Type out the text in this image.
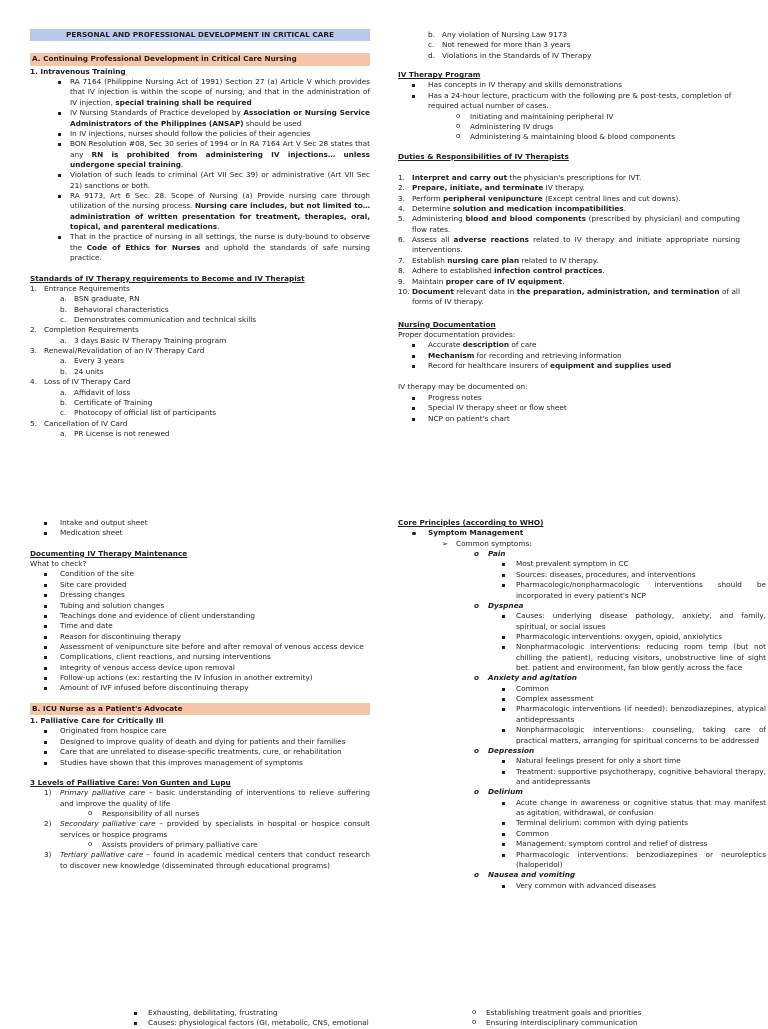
PERSONAL AND PROFESSIONAL DEVELOPMENT IN CRITICAL CARE

A. Continuing Professional Development in Critical Care Nursing

1. Intravenous Training

RA 7164 (Philippine Nursing Act of 1991) Section 27 (a) Article V which provides that IV injection is within the scope of nursing; and that in the administration of IV injection, special training shall be required
IV Nursing Standards of Practice developed by Association or Nursing Service Administrators of the Philippines (ANSAP) should be used
In IV injections, nurses should follow the policies of their agencies
BON Resolution #08, Sec 30 series of 1994 or in RA 7164 Art V Sec 28 states that any RN is prohibited from administering IV injections… unless undergone special training.
Violation of such leads to criminal (Art VII Sec 39) or administrative (Art VII Sec 21) sanctions or both.
RA 9173, Art 6 Sec. 28. Scope of Nursing (a) Provide nursing care through utilization of the nursing process. Nursing care includes, but not limited to… administration of written presentation for treatment, therapies, oral, topical, and parenteral medications.
That in the practice of nursing in all settings, the nurse is duty-bound to observe the Code of Ethics for Nurses and uphold the standards of safe nursing practice.

Standards of IV Therapy requirements to Become and IV Therapist

1. Entrance Requirements
a. BSN graduate, RN
b. Behavioral characteristics
c.	Demonstrates communication and technical skills
2. Completion Requirements
a. 3 days Basic IV Therapy Training program
3. Renewal/Revalidation of an IV Therapy Card
a. Every 3 years
b. 24 units
4. Loss of IV Therapy Card
a. Affidavit of loss
b. Certificate of Training
c.	Photocopy of official list of participants
5. Cancellation of IV Card
a. PR License is not renewed
b. Any violation of Nursing Law 9173
c.	Not renewed for more than 3 years
d. Violations in the Standards of IV Therapy

IV Therapy Program

Has concepts in IV therapy and skills demonstrations
Has a 24-hour lecture, practicum with the following pre & post-tests, completion of required actual number of cases.
o	Initiating and maintaining peripheral IV
o	Administering IV drugs
o	Administering & maintaining blood & blood components

Duties & Responsibilities of IV Therapists

1. Interpret and carry out the physician's prescriptions for IVT.
2. Prepare, initiate, and terminate IV therapy.
3. Perform peripheral venipuncture (Except central lines and cut downs).
4. Determine solution and medication incompatibilities.
5. Administering blood and blood components (prescribed by physician) and computing flow rates.
6. Assess all adverse reactions related to IV therapy and initiate appropriate nursing interventions.
7. Establish nursing care plan related to IV therapy.
8. Adhere to established infection control practices.
9. Maintain proper care of IV equipment.
10. Document relevant data in the preparation, administration, and termination of all forms of IV therapy.

Nursing Documentation

Proper documentation provides:

Accurate description of care
Mechanism for recording and retrieving information
Record for healthcare insurers of equipment and supplies used

IV therapy may be documented on:

Progress notes
Special IV therapy sheet or flow sheet
NCP on patient's chart
Intake and output sheet
Medication sheet

Documenting IV Therapy Maintenance

What to check?

Condition of the site
Site care provided
Dressing changes
Tubing and solution changes
Teachings done and evidence of client understanding
Time and date
Reason for discontinuing therapy
Assessment of venipuncture site before and after removal of venous access device
Complications, client reactions, and nursing interventions
Integrity of venous access device upon removal
Follow-up actions (ex: restarting the IV infusion in another extremity)
Amount of IVF infused before discontinuing therapy

B. ICU Nurse as a Patient's Advocate

1. Palliative Care for Critically Ill

Originated from hospice care
Designed to improve quality of death and dying for patients and their families
Care that are unrelated to disease-specific treatments, cure, or rehabilitation
Studies have shown that this improves management of symptoms

3 Levels of Palliative Care: Von Gunten and Lupu

1)	Primary palliative care – basic understanding of interventions to relieve suffering and improve the quality of life
o	Responsibility of all nurses
2)	Secondary palliative care – provided by specialists in hospital or hospice consult services or hospice programs
o	Assists providers of primary palliative care
3)	Tertiary palliative care – found in academic medical centers that conduct research to discover new knowledge (disseminated through educational programs)

Core Principles (according to WHO)

Symptom Management
➢	Common symptoms:
o	Pain
Most prevalent symptom in CC
Sources: diseases, procedures, and interventions
Pharmacologic/nonpharmacologic interventions should be incorporated in every patient's NCP
o	Dyspnea
Causes: underlying disease pathology, anxiety, and family, spiritual, or social issues
Pharmacologic interventions: oxygen, opioid, anxiolytics
Nonpharmacologic interventions: reducing room temp (but not chilling the patient), reducing visitors, unobstructive line of sight bet. patient and environment, fan blow gently across the face
o	Anxiety and agitation
Common
Complex assessment
Pharmacologic interventions (if needed): benzodiazepines, atypical antidepressants
Nonpharmacologic interventions: counseling, taking care of practical matters, arranging for spiritual concerns to be addressed
o	Depression
Natural feelings present for only a short time
Treatment: supportive psychotherapy, cognitive behavioral therapy, and antidepressants
o	Delirium
Acute change in awareness or cognitive status that may manifest as agitation, withdrawal, or confusion
Terminal delirium: common with dying patients
Common
Management: symptom control and relief of distress
Pharmacologic interventions: benzodiazepines or neuroleptics (haloperidol)
o	Nausea and vomiting
Very common with advanced diseases
Exhausting, debilitating, frustrating
Causes: physiological factors (GI, metabolic, CNS, emotional
o	Establishing treatment goals and priorities
o	Ensuring interdisciplinary communication
